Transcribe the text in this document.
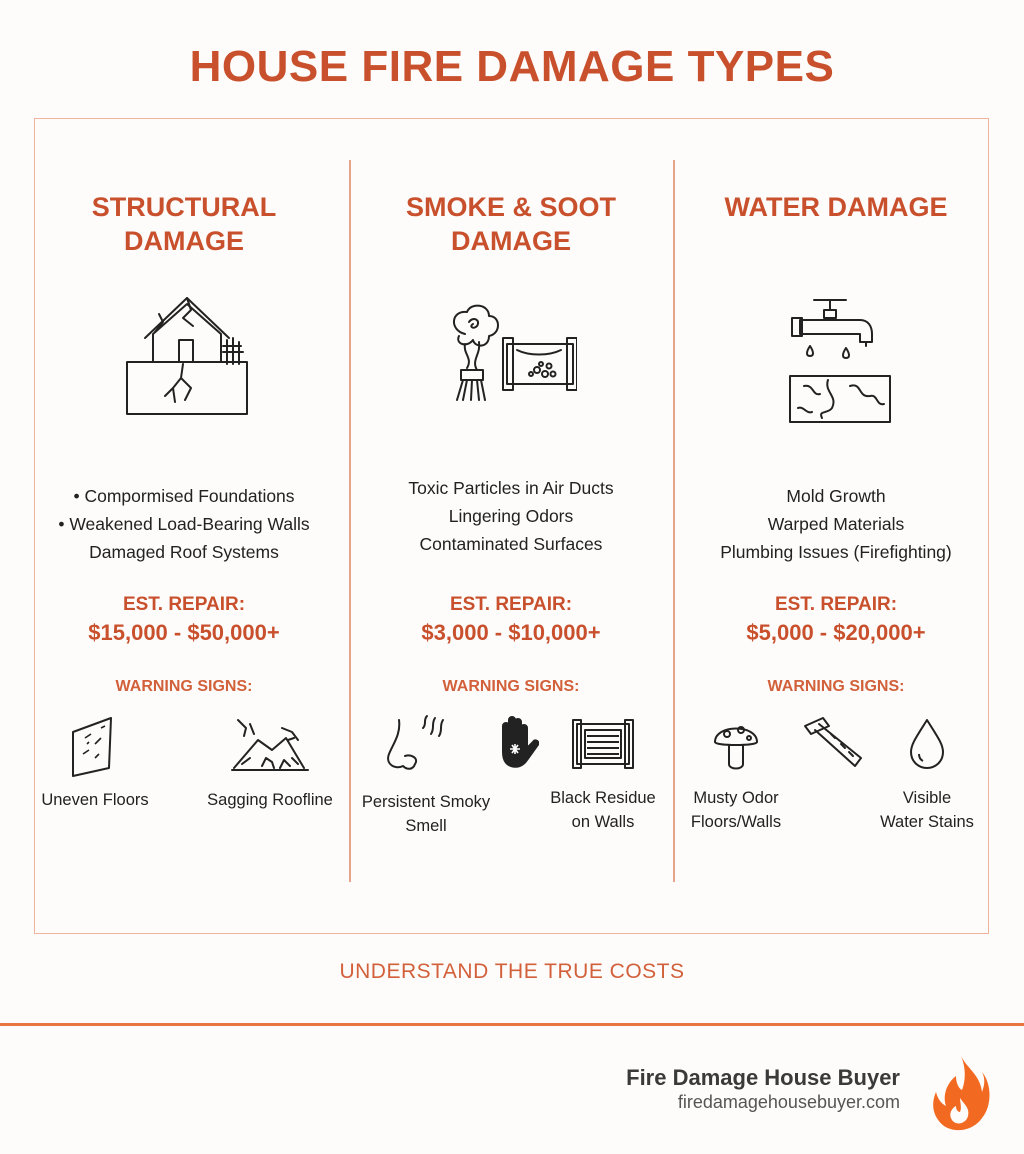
HOUSE FIRE DAMAGE TYPES
STRUCTURAL
DAMAGE
• Compormised Foundations
• Weakened Load-Bearing Walls
Damaged Roof Systems
EST. REPAIR:
$15,000 - $50,000+
WARNING SIGNS:
Uneven Floors	Sagging Roofline
SMOKE & SOOT
DAMAGE
Toxic Particles in Air Ducts
Lingering Odors
Contaminated Surfaces
EST. REPAIR:
$3,000 - $10,000+
WARNING SIGNS:
Persistent Smoky
Smell
Black Residue
on Walls
WATER DAMAGE
Mold Growth
Warped Materials
Plumbing Issues (Firefighting)
EST. REPAIR:
$5,000 - $20,000+
WARNING SIGNS:
Musty Odor
Floors/Walls
Visible
Water Stains
UNDERSTAND THE TRUE COSTS
Fire Damage House Buyer
firedamagehousebuyer.com
